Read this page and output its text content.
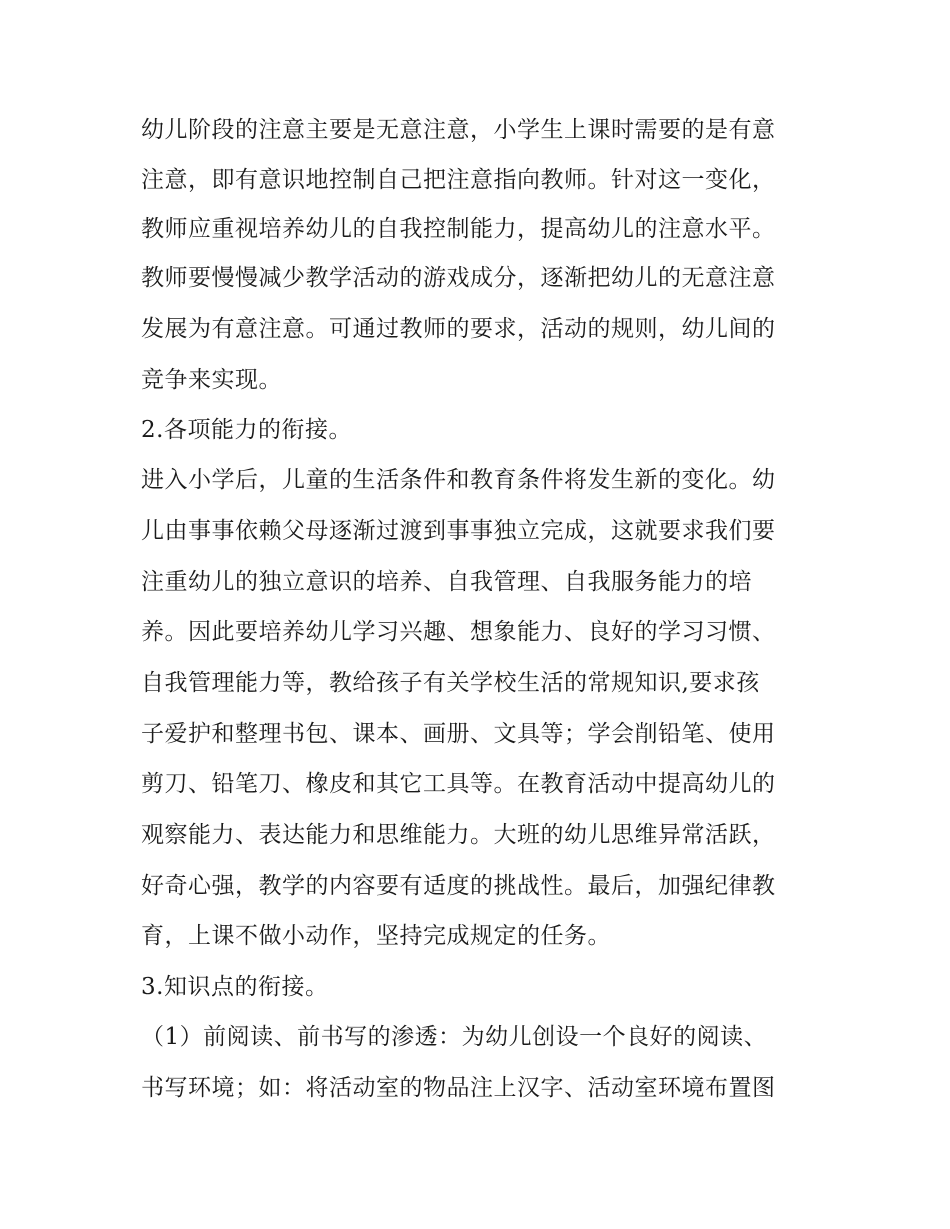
幼儿阶段的注意主要是无意注意，小学生上课时需要的是有意
注意，即有意识地控制自己把注意指向教师。针对这一变化，
教师应重视培养幼儿的自我控制能力，提高幼儿的注意水平。
教师要慢慢减少教学活动的游戏成分，逐渐把幼儿的无意注意
发展为有意注意。可通过教师的要求，活动的规则，幼儿间的
竞争来实现。
2.各项能力的衔接。
进入小学后，儿童的生活条件和教育条件将发生新的变化。幼
儿由事事依赖父母逐渐过渡到事事独立完成，这就要求我们要
注重幼儿的独立意识的培养、自我管理、自我服务能力的培
养。因此要培养幼儿学习兴趣、想象能力、良好的学习习惯、
自我管理能力等，教给孩子有关学校生活的常规知识,要求孩
子爱护和整理书包、课本、画册、文具等；学会削铅笔、使用
剪刀、铅笔刀、橡皮和其它工具等。在教育活动中提高幼儿的
观察能力、表达能力和思维能力。大班的幼儿思维异常活跃，
好奇心强，教学的内容要有适度的挑战性。最后，加强纪律教
育，上课不做小动作，坚持完成规定的任务。
3.知识点的衔接。
（1）前阅读、前书写的渗透：为幼儿创设一个良好的阅读、
书写环境；如：将活动室的物品注上汉字、活动室环境布置图
